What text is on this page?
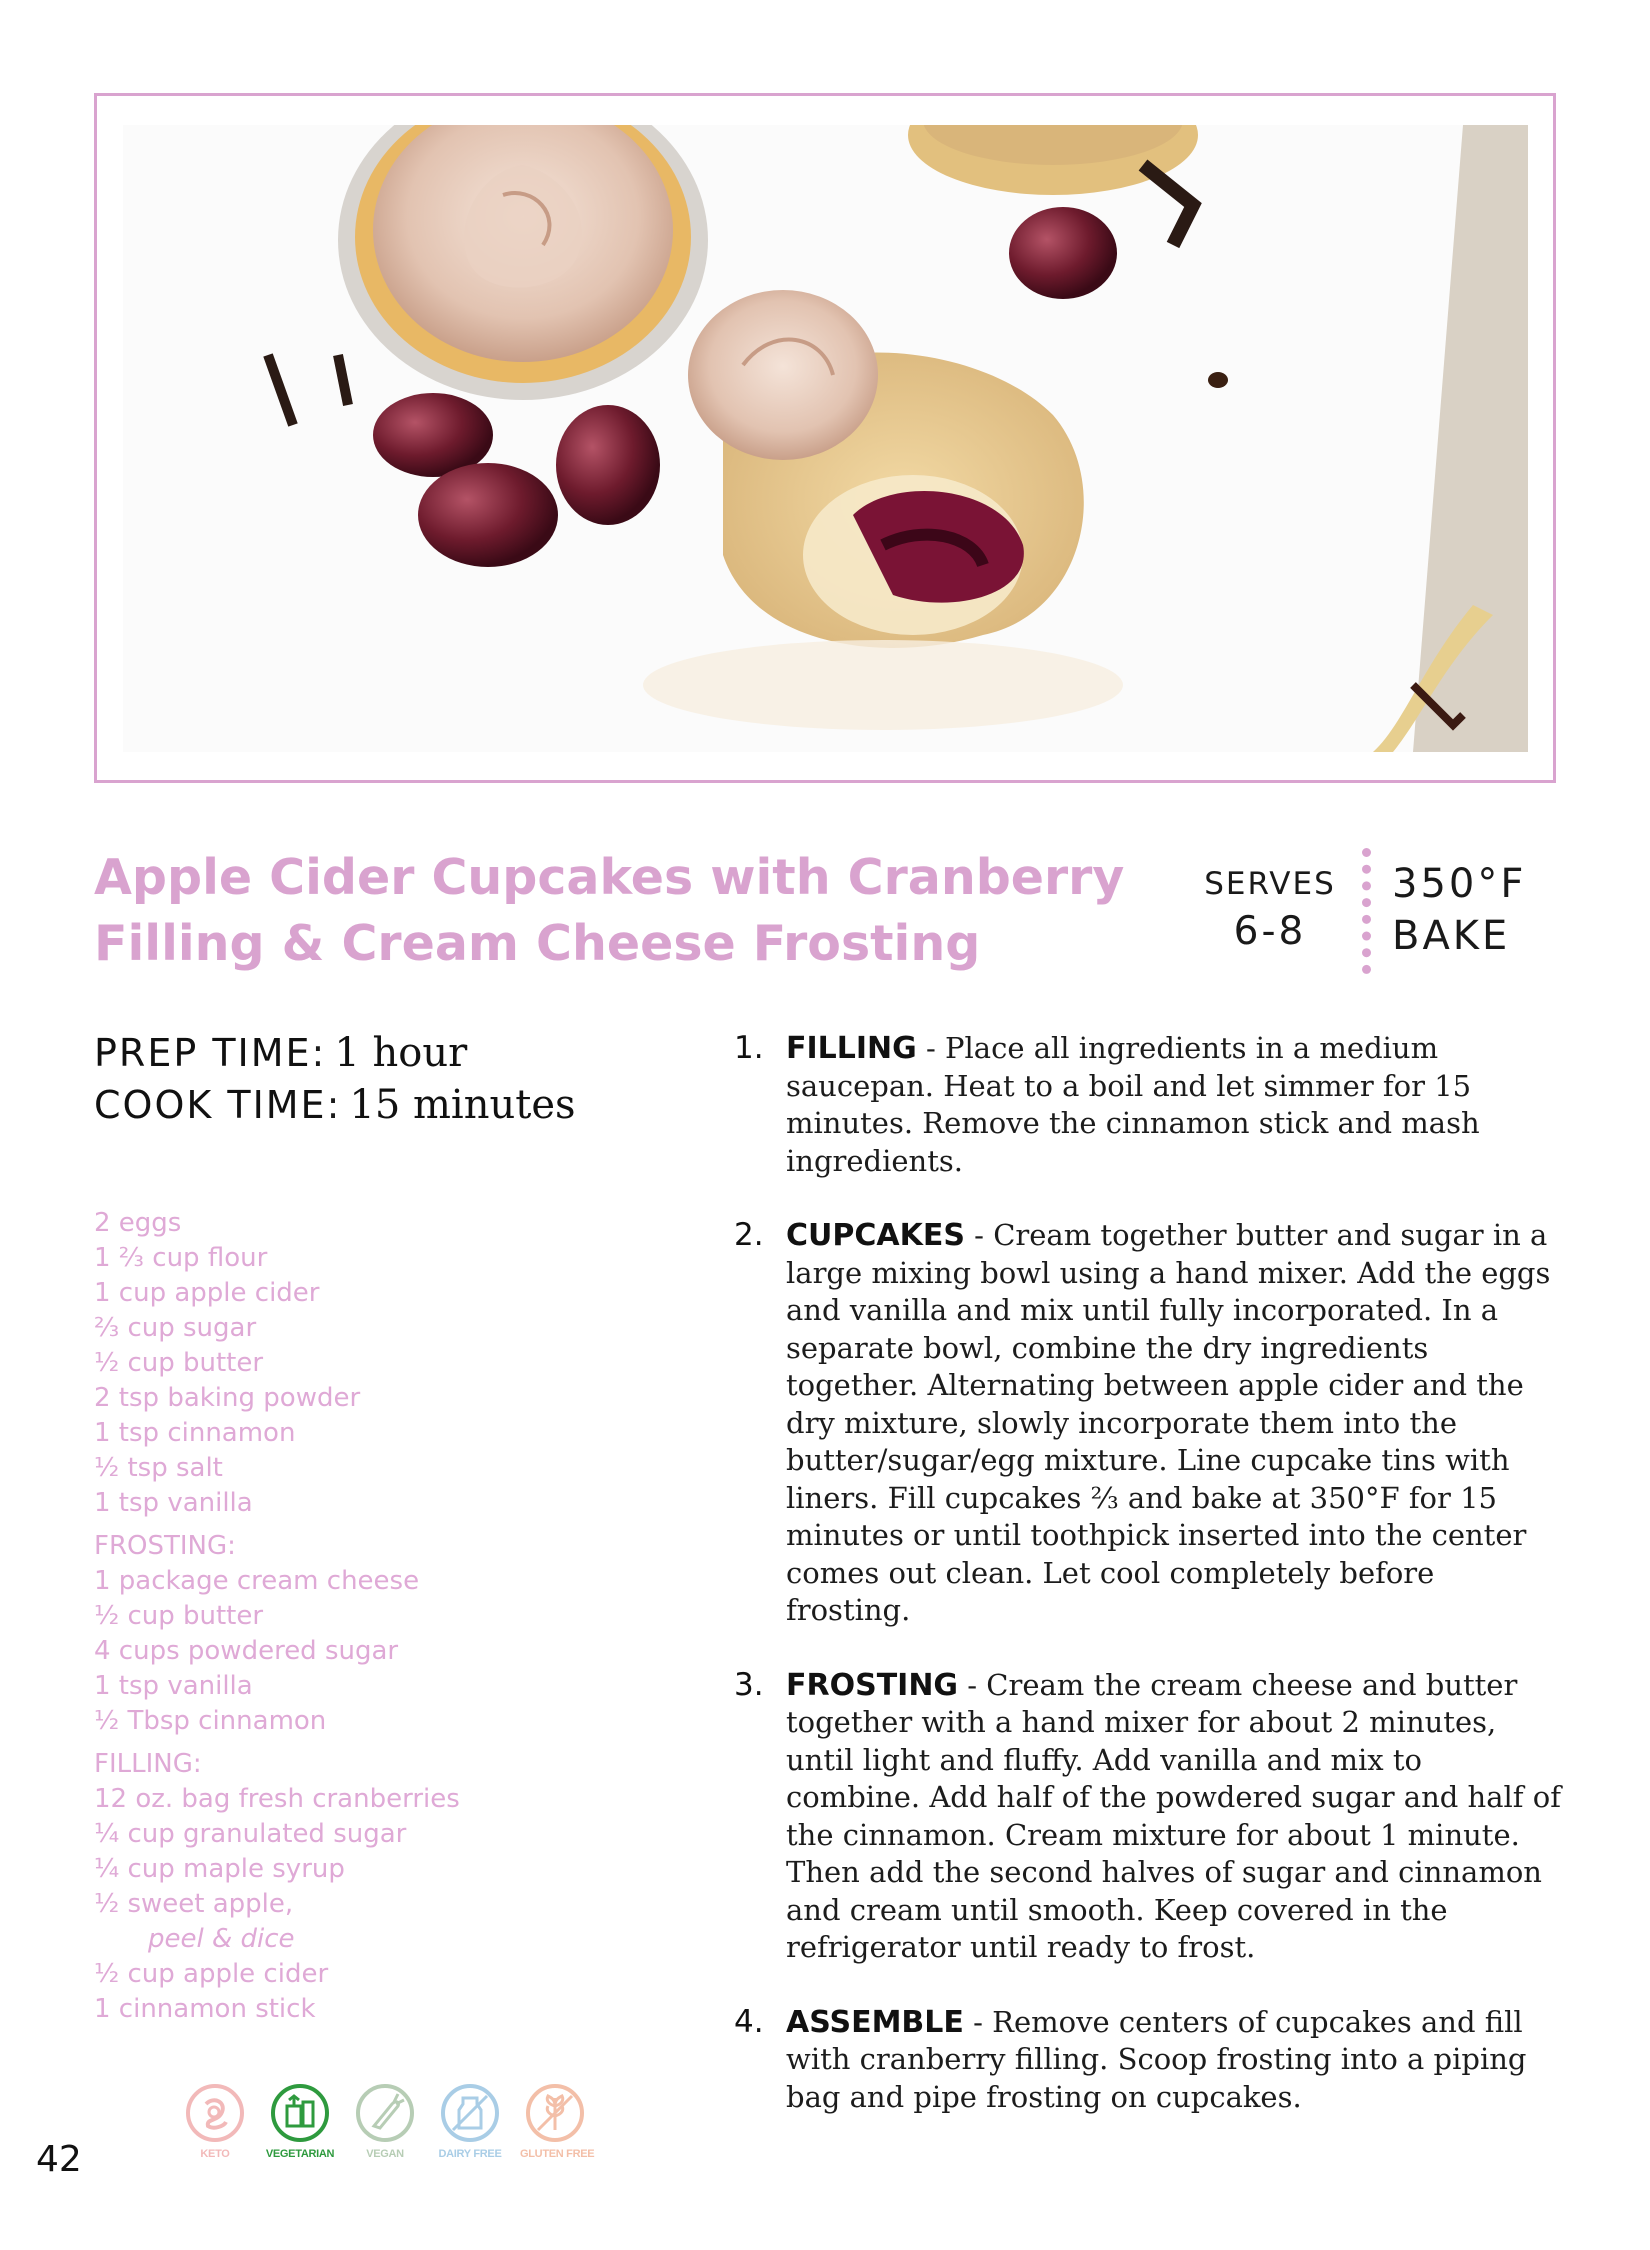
Apple Cider Cupcakes with Cranberry Filling & Cream Cheese Frosting
SERVES
6-8
350°F
BAKE
PREP TIME : 1 hour
COOK TIME : 15 minutes
2 eggs
1 ⅔ cup flour
1 cup apple cider
⅔ cup sugar
½ cup butter
2 tsp baking powder
1 tsp cinnamon
½ tsp salt
1 tsp vanilla
FROSTING:
1 package cream cheese
½ cup butter
4 cups powdered sugar
1 tsp vanilla
½ Tbsp cinnamon
FILLING:
12 oz. bag fresh cranberries
¼ cup granulated sugar
¼ cup maple syrup
½ sweet apple,
peel & dice
½ cup apple cider
1 cinnamon stick
1. FILLING - Place all ingredients in a medium saucepan. Heat to a boil and let simmer for 15 minutes. Remove the cinnamon stick and mash ingredients.
2. CUPCAKES - Cream together butter and sugar in a large mixing bowl using a hand mixer. Add the eggs and vanilla and mix until fully incorporated. In a separate bowl, combine the dry ingredients together. Alternating between apple cider and the dry mixture, slowly incorporate them into the butter/sugar/egg mixture. Line cupcake tins with liners. Fill cupcakes ⅔ and bake at 350°F for 15 minutes or until toothpick inserted into the center comes out clean. Let cool completely before frosting.
3. FROSTING - Cream the cream cheese and butter together with a hand mixer for about 2 minutes, until light and fluffy. Add vanilla and mix to combine. Add half of the powdered sugar and half of the cinnamon. Cream mixture for about 1 minute. Then add the second halves of sugar and cinnamon and cream until smooth. Keep covered in the refrigerator until ready to frost.
4. ASSEMBLE - Remove centers of cupcakes and fill with cranberry filling. Scoop frosting into a piping bag and pipe frosting on cupcakes.
KETO	VEGETARIAN	VEGAN	DAIRY FREE	GLUTEN FREE
42
